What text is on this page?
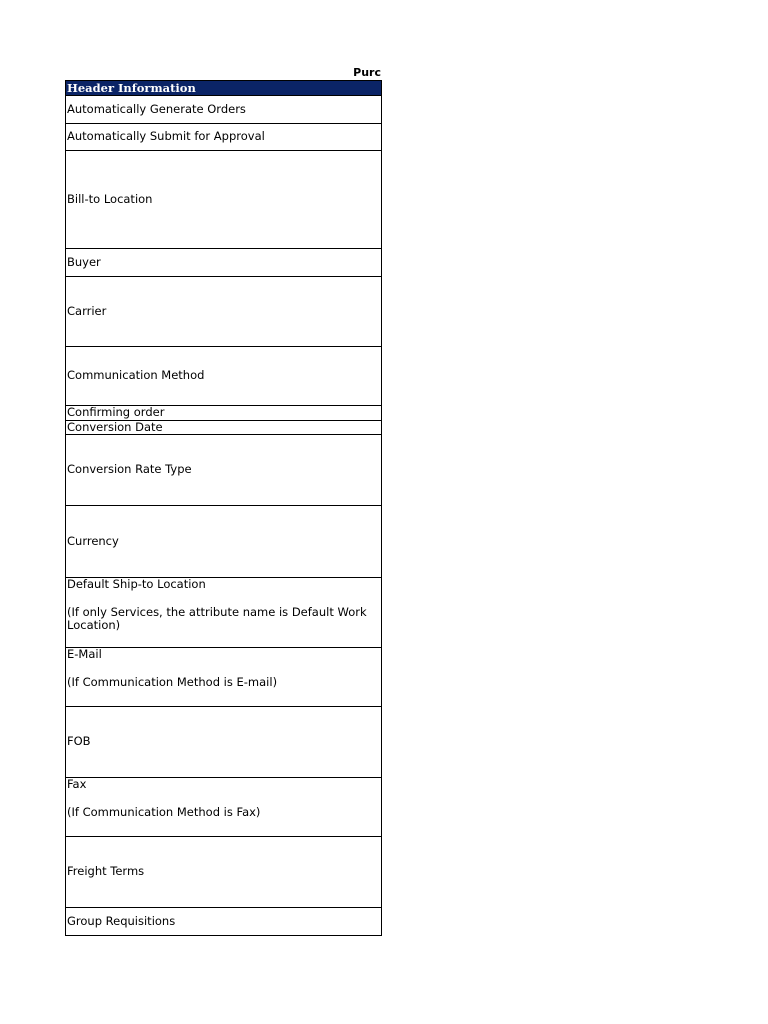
Purc
Header Information
Automatically Generate Orders
Automatically Submit for Approval
Bill-to Location
Buyer
Carrier
Communication Method
Confirming order
Conversion Date
Conversion Rate Type
Currency
Default Ship-to Location
(If only Services, the attribute name is Default Work Location)
E-Mail
(If Communication Method is E-mail)
FOB
Fax
(If Communication Method is Fax)
Freight Terms
Group Requisitions
